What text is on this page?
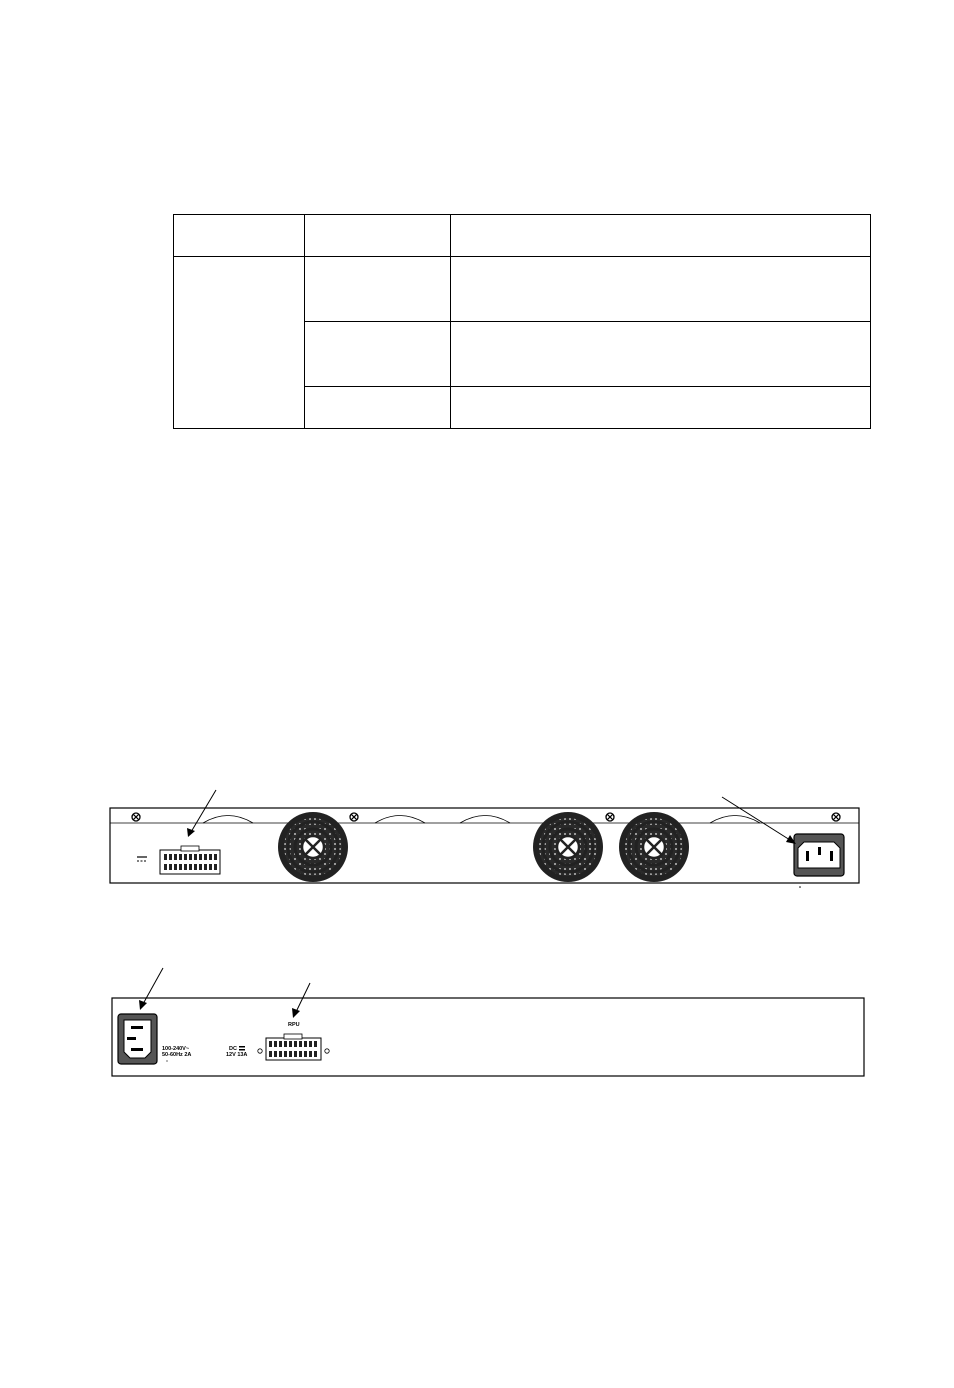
100-240V~
50-60Hz 2A
DC
12V 13A
RPU
